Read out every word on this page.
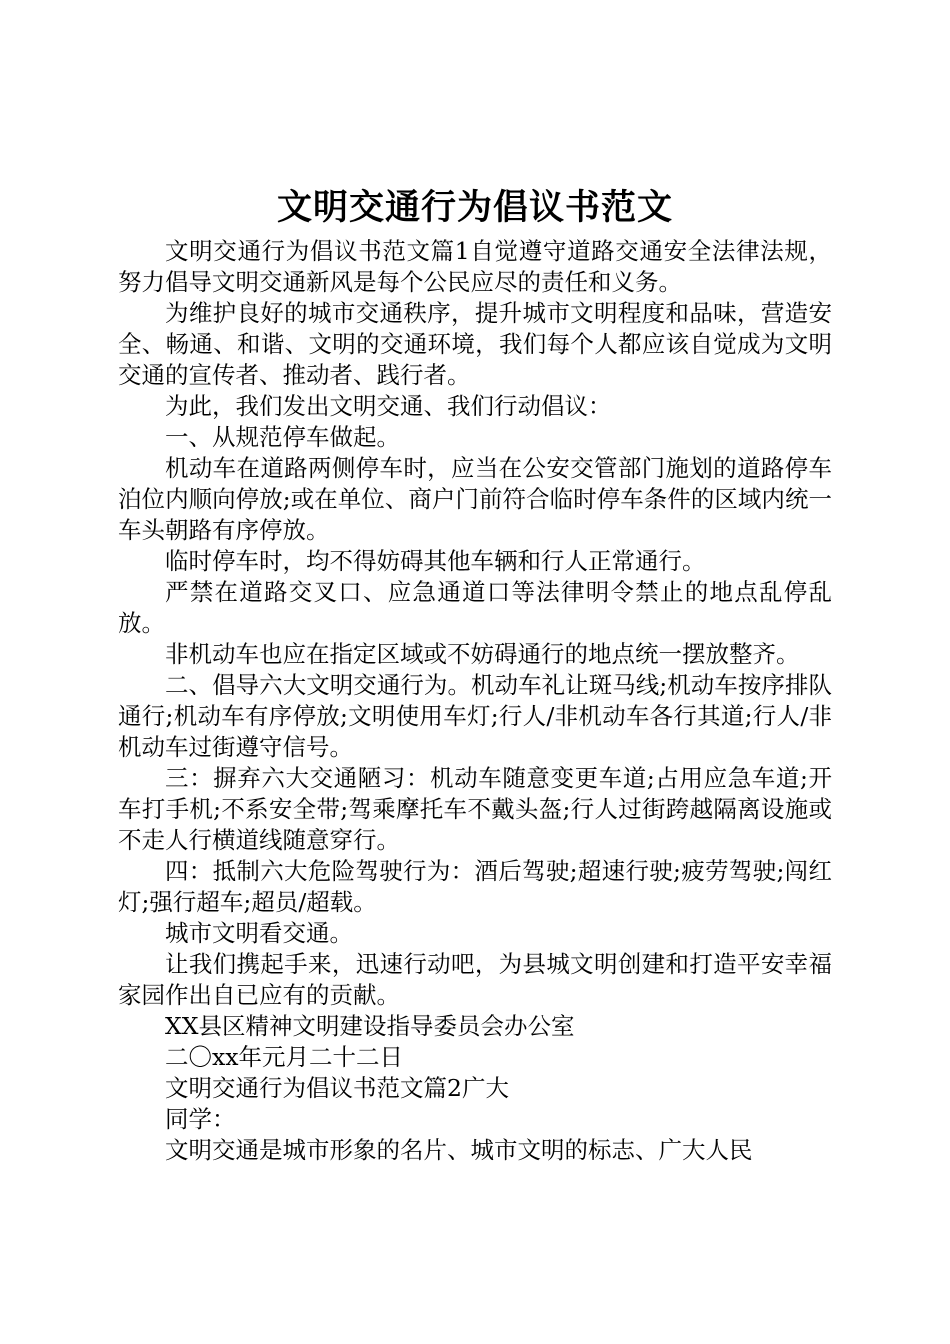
文明交通行为倡议书范文

文明交通行为倡议书范文篇1自觉遵守道路交通安全法律法规，努力倡导文明交通新风是每个公民应尽的责任和义务。

为维护良好的城市交通秩序，提升城市文明程度和品味，营造安全、畅通、和谐、文明的交通环境，我们每个人都应该自觉成为文明交通的宣传者、推动者、践行者。

为此，我们发出文明交通、我们行动倡议：

一、从规范停车做起。

机动车在道路两侧停车时，应当在公安交管部门施划的道路停车泊位内顺向停放;或在单位、商户门前符合临时停车条件的区域内统一车头朝路有序停放。

临时停车时，均不得妨碍其他车辆和行人正常通行。

严禁在道路交叉口、应急通道口等法律明令禁止的地点乱停乱放。

非机动车也应在指定区域或不妨碍通行的地点统一摆放整齐。

二、倡导六大文明交通行为。机动车礼让斑马线;机动车按序排队通行;机动车有序停放;文明使用车灯;行人/非机动车各行其道;行人/非机动车过街遵守信号。

三：摒弃六大交通陋习：机动车随意变更车道;占用应急车道;开车打手机;不系安全带;驾乘摩托车不戴头盔;行人过街跨越隔离设施或不走人行横道线随意穿行。

四：抵制六大危险驾驶行为：酒后驾驶;超速行驶;疲劳驾驶;闯红灯;强行超车;超员/超载。

城市文明看交通。

让我们携起手来，迅速行动吧，为县城文明创建和打造平安幸福家园作出自已应有的贡献。

XX县区精神文明建设指导委员会办公室

二〇xx年元月二十二日

文明交通行为倡议书范文篇2广大

同学：

文明交通是城市形象的名片、城市文明的标志、广大人民
